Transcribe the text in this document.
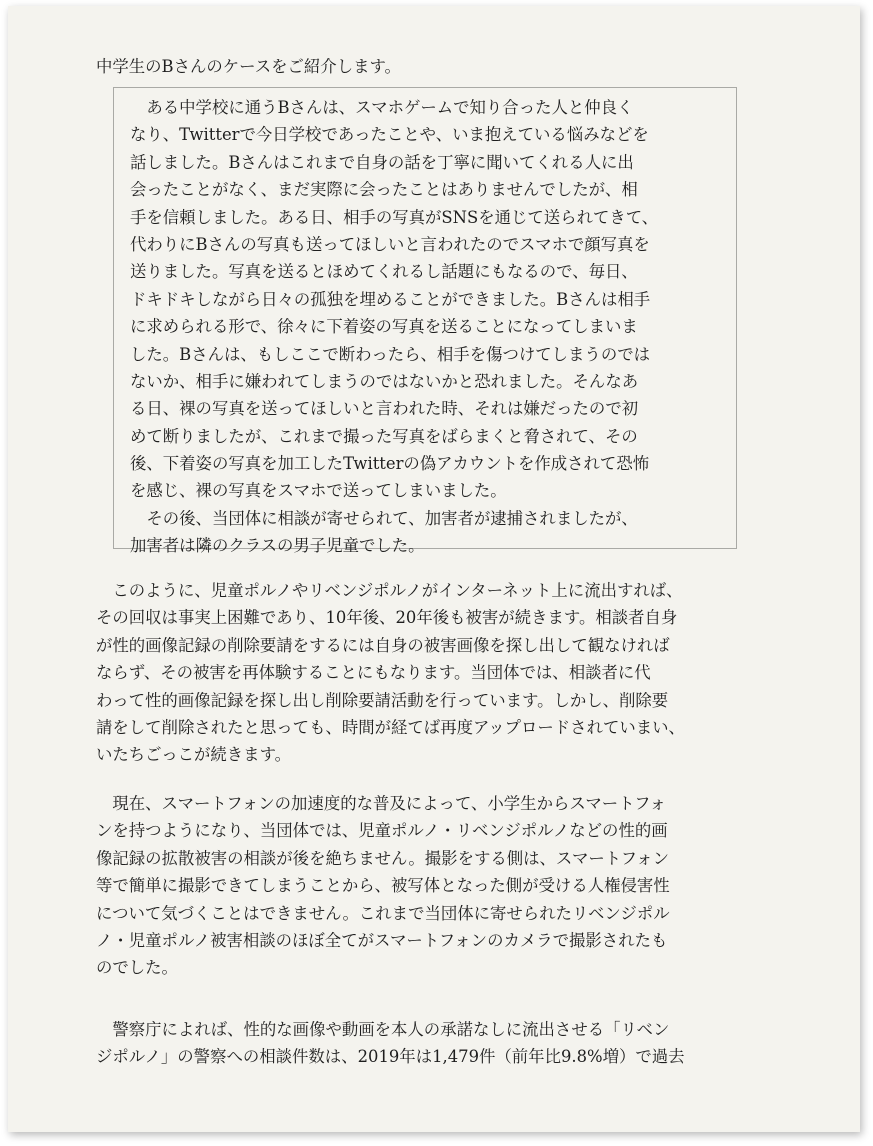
中学生のBさんのケースをご紹介します。
　ある中学校に通うBさんは、スマホゲームで知り合った人と仲良く
なり、Twitterで今日学校であったことや、いま抱えている悩みなどを
話しました。Bさんはこれまで自身の話を丁寧に聞いてくれる人に出
会ったことがなく、まだ実際に会ったことはありませんでしたが、相
手を信頼しました。ある日、相手の写真がSNSを通じて送られてきて、
代わりにBさんの写真も送ってほしいと言われたのでスマホで顔写真を
送りました。写真を送るとほめてくれるし話題にもなるので、毎日、
ドキドキしながら日々の孤独を埋めることができました。Bさんは相手
に求められる形で、徐々に下着姿の写真を送ることになってしまいま
した。Bさんは、もしここで断わったら、相手を傷つけてしまうのでは
ないか、相手に嫌われてしまうのではないかと恐れました。そんなあ
る日、裸の写真を送ってほしいと言われた時、それは嫌だったので初
めて断りましたが、これまで撮った写真をばらまくと脅されて、その
後、下着姿の写真を加工したTwitterの偽アカウントを作成されて恐怖
を感じ、裸の写真をスマホで送ってしまいました。
　その後、当団体に相談が寄せられて、加害者が逮捕されましたが、
加害者は隣のクラスの男子児童でした。
　このように、児童ポルノやリベンジポルノがインターネット上に流出すれば、
その回収は事実上困難であり、10年後、20年後も被害が続きます。相談者自身
が性的画像記録の削除要請をするには自身の被害画像を探し出して観なければ
ならず、その被害を再体験することにもなります。当団体では、相談者に代
わって性的画像記録を探し出し削除要請活動を行っています。しかし、削除要
請をして削除されたと思っても、時間が経てば再度アップロードされていまい、
いたちごっこが続きます。
　現在、スマートフォンの加速度的な普及によって、小学生からスマートフォ
ンを持つようになり、当団体では、児童ポルノ・リベンジポルノなどの性的画
像記録の拡散被害の相談が後を絶ちません。撮影をする側は、スマートフォン
等で簡単に撮影できてしまうことから、被写体となった側が受ける人権侵害性
について気づくことはできません。これまで当団体に寄せられたリベンジポル
ノ・児童ポルノ被害相談のほぼ全てがスマートフォンのカメラで撮影されたも
のでした。
　警察庁によれば、性的な画像や動画を本人の承諾なしに流出させる「リベン
ジポルノ」の警察への相談件数は、2019年は1,479件（前年比9.8%増）で過去
